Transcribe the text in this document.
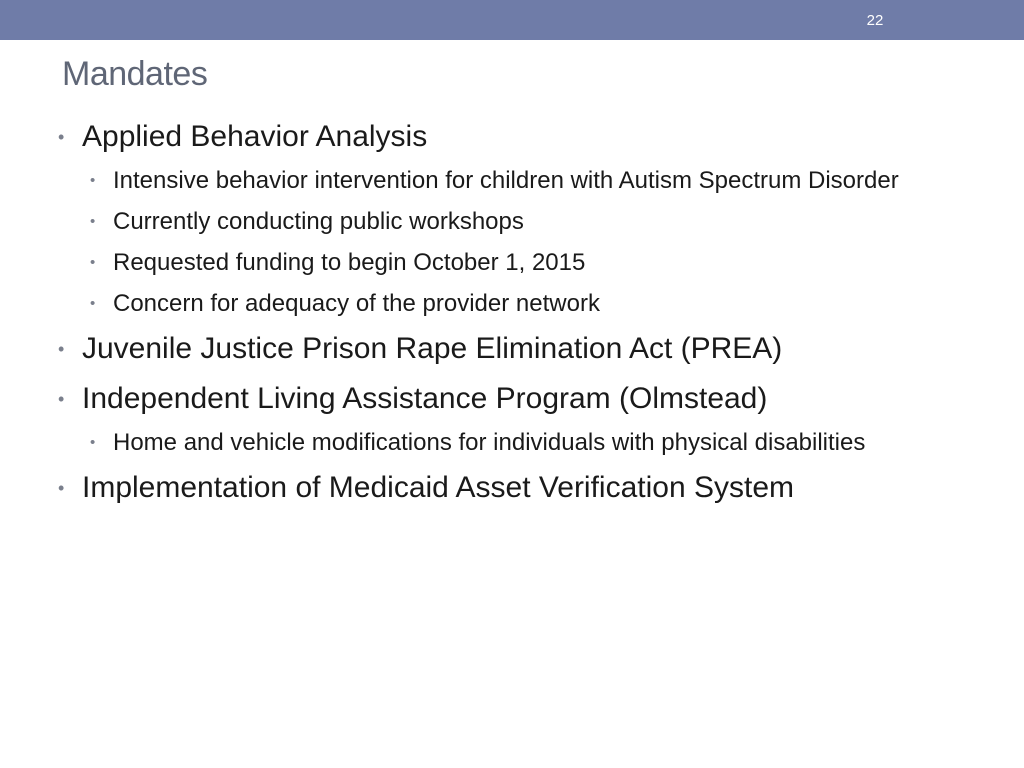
22
Mandates
• Applied Behavior Analysis
• Intensive behavior intervention for children with Autism Spectrum Disorder
• Currently conducting public workshops
• Requested funding to begin October 1, 2015
• Concern for adequacy of the provider network
• Juvenile Justice Prison Rape Elimination Act (PREA)
• Independent Living Assistance Program (Olmstead)
• Home and vehicle modifications for individuals with physical disabilities
• Implementation of Medicaid Asset Verification System
